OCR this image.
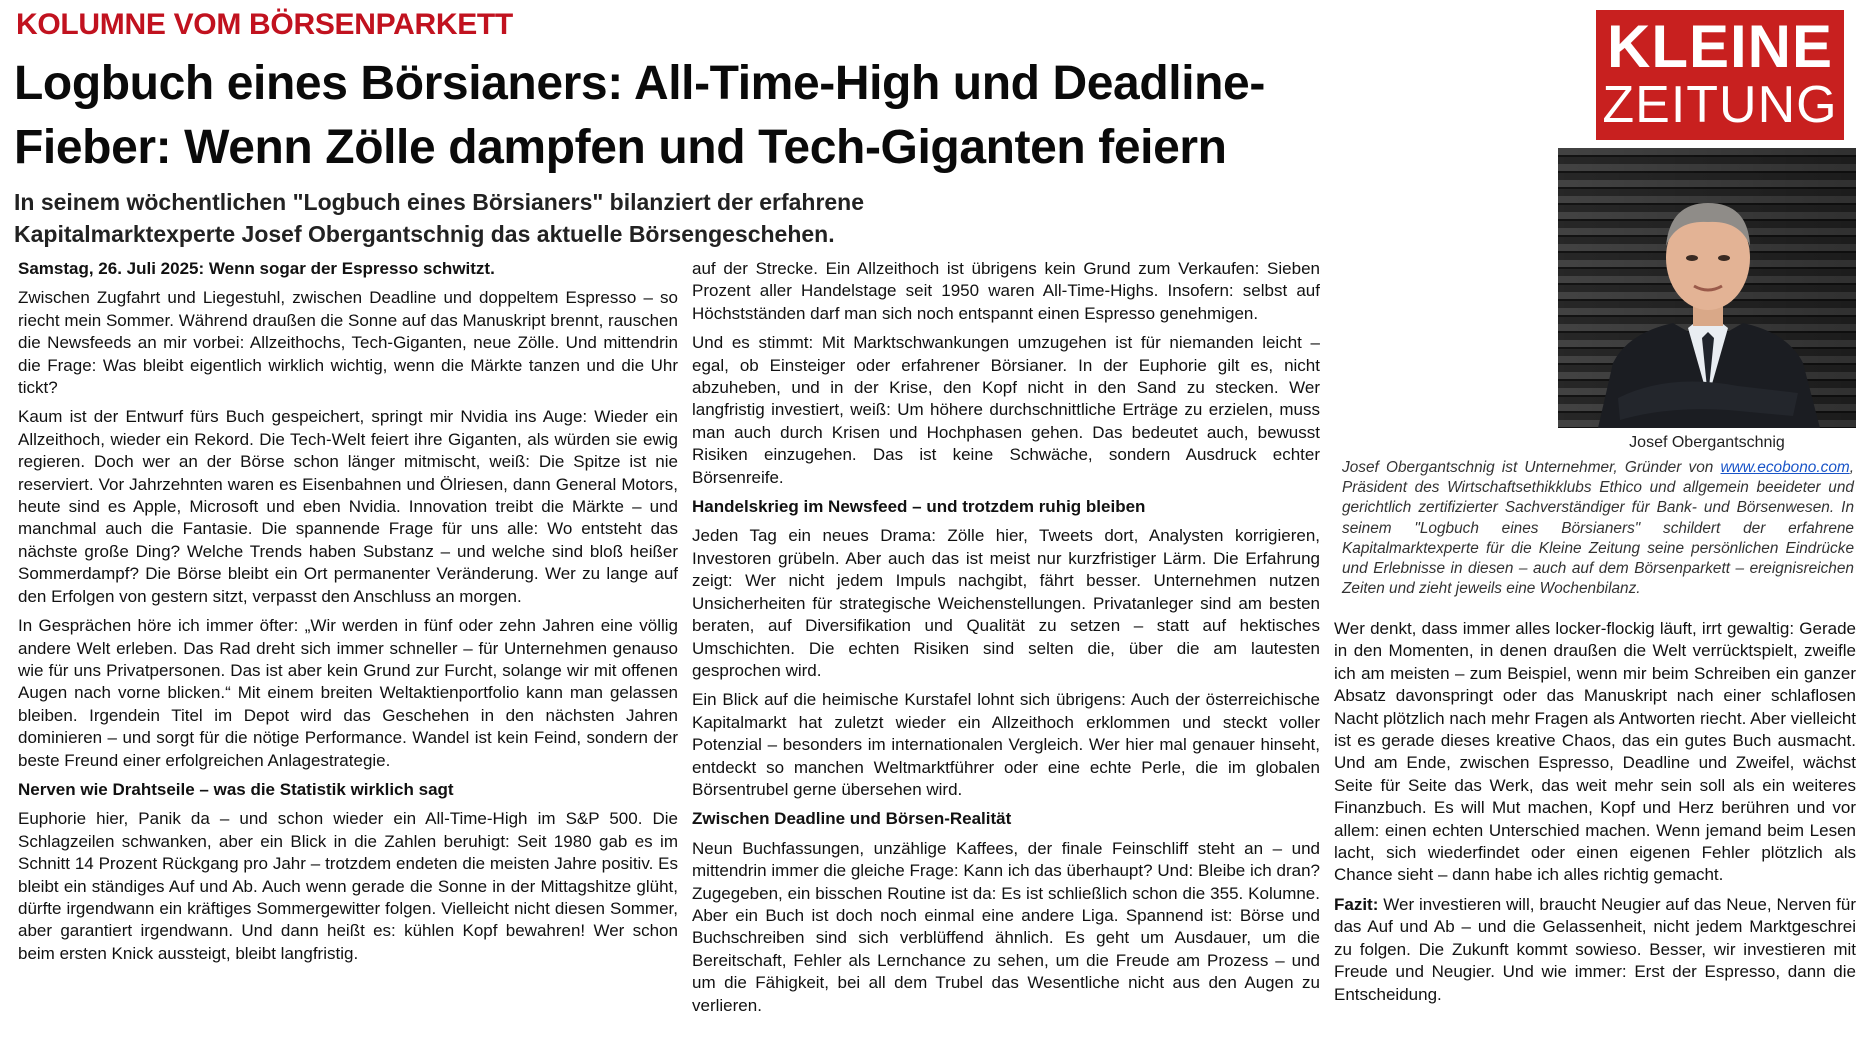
KOLUMNE VOM BÖRSENPARKETT
Logbuch eines Börsianers: All-Time-High und Deadline-
Fieber: Wenn Zölle dampfen und Tech-Giganten feiern

In seinem wöchentlichen "Logbuch eines Börsianers" bilanziert der erfahrene
Kapitalmarktexperte Josef Obergantschnig das aktuelle Börsengeschehen.

KLEINE
ZEITUNG
Josef Obergantschnig

Josef Obergantschnig ist Unternehmer, Gründer von www.ecobono.com, Präsident des Wirtschaftsethikklubs Ethico und allgemein beeideter und gerichtlich zertifizierter Sachverständiger für Bank- und Börsenwesen. In seinem "Logbuch eines Börsianers" schildert der erfahrene Kapitalmarktexperte für die Kleine Zeitung seine persönlichen Eindrücke und Erlebnisse in diesen – auch auf dem Börsenparkett – ereignisreichen Zeiten und zieht jeweils eine Wochenbilanz.

Samstag, 26. Juli 2025: Wenn sogar der Espresso schwitzt.

Zwischen Zugfahrt und Liegestuhl, zwischen Deadline und doppeltem Espresso – so riecht mein Sommer. Während draußen die Sonne auf das Manuskript brennt, rauschen die Newsfeeds an mir vorbei: Allzeithochs, Tech-Giganten, neue Zölle. Und mittendrin die Frage: Was bleibt eigentlich wirklich wichtig, wenn die Märkte tanzen und die Uhr tickt?

Kaum ist der Entwurf fürs Buch gespeichert, springt mir Nvidia ins Auge: Wieder ein Allzeithoch, wieder ein Rekord. Die Tech-Welt feiert ihre Giganten, als würden sie ewig regieren. Doch wer an der Börse schon länger mitmischt, weiß: Die Spitze ist nie reserviert. Vor Jahrzehnten waren es Eisenbahnen und Ölriesen, dann General Motors, heute sind es Apple, Microsoft und eben Nvidia. Innovation treibt die Märkte – und manchmal auch die Fantasie. Die spannende Frage für uns alle: Wo entsteht das nächste große Ding? Welche Trends haben Substanz – und welche sind bloß heißer Sommerdampf? Die Börse bleibt ein Ort permanenter Veränderung. Wer zu lange auf den Erfolgen von gestern sitzt, verpasst den Anschluss an morgen.

In Gesprächen höre ich immer öfter: „Wir werden in fünf oder zehn Jahren eine völlig andere Welt erleben. Das Rad dreht sich immer schneller – für Unternehmen genauso wie für uns Privatpersonen. Das ist aber kein Grund zur Furcht, solange wir mit offenen Augen nach vorne blicken.“ Mit einem breiten Weltaktienportfolio kann man gelassen bleiben. Irgendein Titel im Depot wird das Geschehen in den nächsten Jahren dominieren – und sorgt für die nötige Performance. Wandel ist kein Feind, sondern der beste Freund einer erfolgreichen Anlagestrategie.

Nerven wie Drahtseile – was die Statistik wirklich sagt

Euphorie hier, Panik da – und schon wieder ein All-Time-High im S&P 500. Die Schlagzeilen schwanken, aber ein Blick in die Zahlen beruhigt: Seit 1980 gab es im Schnitt 14 Prozent Rückgang pro Jahr – trotzdem endeten die meisten Jahre positiv. Es bleibt ein ständiges Auf und Ab. Auch wenn gerade die Sonne in der Mittagshitze glüht, dürfte irgendwann ein kräftiges Sommergewitter folgen. Vielleicht nicht diesen Sommer, aber garantiert irgendwann. Und dann heißt es: kühlen Kopf bewahren! Wer schon beim ersten Knick aussteigt, bleibt langfristig.

auf der Strecke. Ein Allzeithoch ist übrigens kein Grund zum Verkaufen: Sieben Prozent aller Handelstage seit 1950 waren All-Time-Highs. Insofern: selbst auf Höchstständen darf man sich noch entspannt einen Espresso genehmigen.

Und es stimmt: Mit Marktschwankungen umzugehen ist für niemanden leicht – egal, ob Einsteiger oder erfahrener Börsianer. In der Euphorie gilt es, nicht abzuheben, und in der Krise, den Kopf nicht in den Sand zu stecken. Wer langfristig investiert, weiß: Um höhere durchschnittliche Erträge zu erzielen, muss man auch durch Krisen und Hochphasen gehen. Das bedeutet auch, bewusst Risiken einzugehen. Das ist keine Schwäche, sondern Ausdruck echter Börsenreife.

Handelskrieg im Newsfeed – und trotzdem ruhig bleiben

Jeden Tag ein neues Drama: Zölle hier, Tweets dort, Analysten korrigieren, Investoren grübeln. Aber auch das ist meist nur kurzfristiger Lärm. Die Erfahrung zeigt: Wer nicht jedem Impuls nachgibt, fährt besser. Unternehmen nutzen Unsicherheiten für strategische Weichenstellungen. Privatanleger sind am besten beraten, auf Diversifikation und Qualität zu setzen – statt auf hektisches Umschichten. Die echten Risiken sind selten die, über die am lautesten gesprochen wird.

Ein Blick auf die heimische Kurstafel lohnt sich übrigens: Auch der österreichische Kapitalmarkt hat zuletzt wieder ein Allzeithoch erklommen und steckt voller Potenzial – besonders im internationalen Vergleich. Wer hier mal genauer hinseht, entdeckt so manchen Weltmarktführer oder eine echte Perle, die im globalen Börsentrubel gerne übersehen wird.

Zwischen Deadline und Börsen-Realität

Neun Buchfassungen, unzählige Kaffees, der finale Feinschliff steht an – und mittendrin immer die gleiche Frage: Kann ich das überhaupt? Und: Bleibe ich dran? Zugegeben, ein bisschen Routine ist da: Es ist schließlich schon die 355. Kolumne. Aber ein Buch ist doch noch einmal eine andere Liga. Spannend ist: Börse und Buchschreiben sind sich verblüffend ähnlich. Es geht um Ausdauer, um die Bereitschaft, Fehler als Lernchance zu sehen, um die Freude am Prozess – und um die Fähigkeit, bei all dem Trubel das Wesentliche nicht aus den Augen zu verlieren.

Wer denkt, dass immer alles locker-flockig läuft, irrt gewaltig: Gerade in den Momenten, in denen draußen die Welt verrücktspielt, zweifle ich am meisten – zum Beispiel, wenn mir beim Schreiben ein ganzer Absatz davonspringt oder das Manuskript nach einer schlaflosen Nacht plötzlich nach mehr Fragen als Antworten riecht. Aber vielleicht ist es gerade dieses kreative Chaos, das ein gutes Buch ausmacht. Und am Ende, zwischen Espresso, Deadline und Zweifel, wächst Seite für Seite das Werk, das weit mehr sein soll als ein weiteres Finanzbuch. Es will Mut machen, Kopf und Herz berühren und vor allem: einen echten Unterschied machen. Wenn jemand beim Lesen lacht, sich wiederfindet oder einen eigenen Fehler plötzlich als Chance sieht – dann habe ich alles richtig gemacht.

Fazit: Wer investieren will, braucht Neugier auf das Neue, Nerven für das Auf und Ab – und die Gelassenheit, nicht jedem Marktgeschrei zu folgen. Die Zukunft kommt sowieso. Besser, wir investieren mit Freude und Neugier. Und wie immer: Erst der Espresso, dann die Entscheidung.
